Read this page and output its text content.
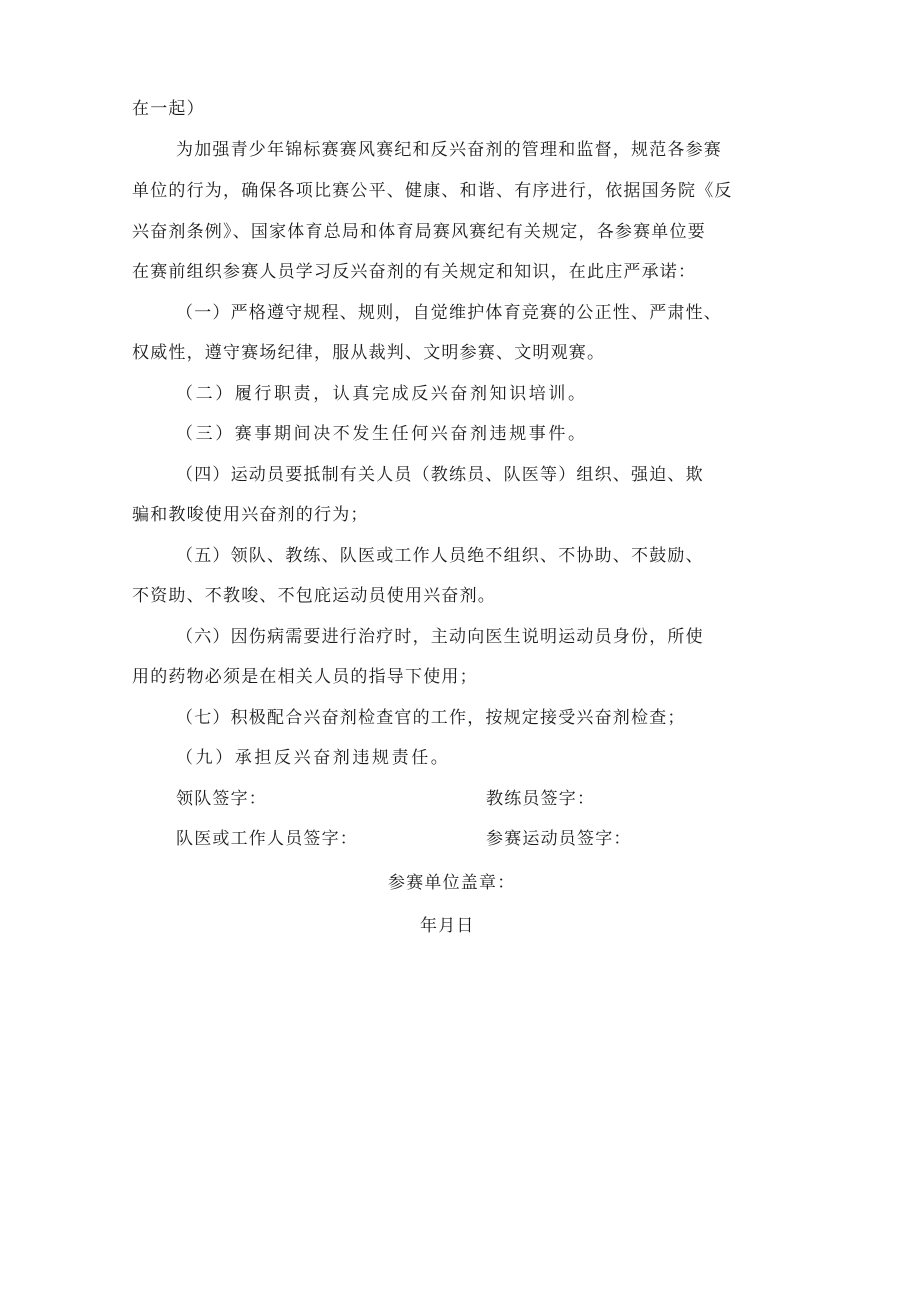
在一起）
为加强青少年锦标赛赛风赛纪和反兴奋剂的管理和监督，规范各参赛
单位的行为，确保各项比赛公平、健康、和谐、有序进行，依据国务院《反
兴奋剂条例》、国家体育总局和体育局赛风赛纪有关规定，各参赛单位要
在赛前组织参赛人员学习反兴奋剂的有关规定和知识，在此庄严承诺：
（一）严格遵守规程、规则，自觉维护体育竞赛的公正性、严肃性、
权威性，遵守赛场纪律，服从裁判、文明参赛、文明观赛。
（二）履行职责，认真完成反兴奋剂知识培训。
（三）赛事期间决不发生任何兴奋剂违规事件。
（四）运动员要抵制有关人员（教练员、队医等）组织、强迫、欺
骗和教唆使用兴奋剂的行为；
（五）领队、教练、队医或工作人员绝不组织、不协助、不鼓励、
不资助、不教唆、不包庇运动员使用兴奋剂。
（六）因伤病需要进行治疗时，主动向医生说明运动员身份，所使
用的药物必须是在相关人员的指导下使用；
（七）积极配合兴奋剂检查官的工作，按规定接受兴奋剂检查；
（九）承担反兴奋剂违规责任。
领队签字：	教练员签字：
队医或工作人员签字：	参赛运动员签字：
参赛单位盖章：
年月日
